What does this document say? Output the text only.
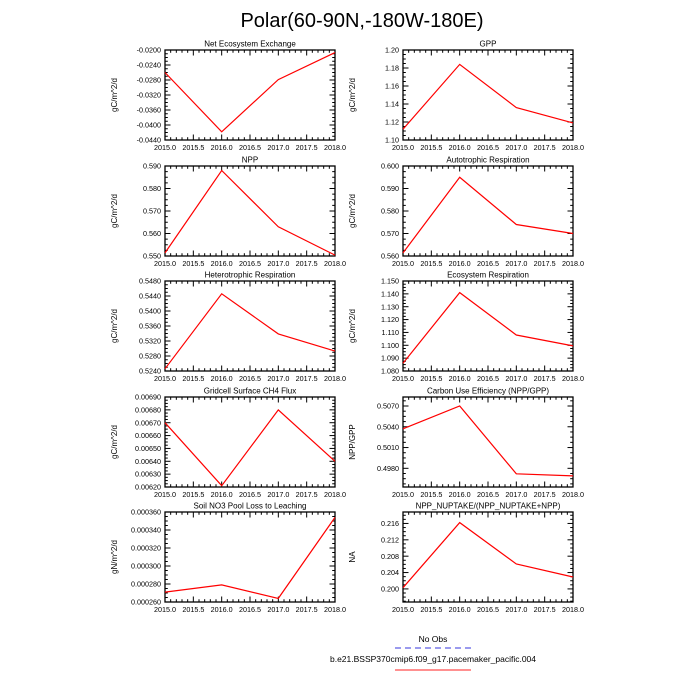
Polar(60-90N,-180W-180E)
Net Ecosystem Exchange
gC/m^2/d
-0.0440
-0.0400
-0.0360
-0.0320
-0.0280
-0.0240
-0.0200
2015.0 2015.5 2016.0 2016.5 2017.0 2017.5 2018.0
GPP
gC/m^2/d
1.10
1.12
1.14
1.16
1.18
1.20
2015.0 2015.5 2016.0 2016.5 2017.0 2017.5 2018.0
NPP
gC/m^2/d
0.550
0.560
0.570
0.580
0.590
2015.0 2015.5 2016.0 2016.5 2017.0 2017.5 2018.0
Autotrophic Respiration
gC/m^2/d
0.560
0.570
0.580
0.590
0.600
2015.0 2015.5 2016.0 2016.5 2017.0 2017.5 2018.0
Heterotrophic Respiration
gC/m^2/d
0.5240
0.5280
0.5320
0.5360
0.5400
0.5440
0.5480
2015.0 2015.5 2016.0 2016.5 2017.0 2017.5 2018.0
Ecosystem Respiration
gC/m^2/d
1.080
1.090
1.100
1.110
1.120
1.130
1.140
1.150
2015.0 2015.5 2016.0 2016.5 2017.0 2017.5 2018.0
Gridcell Surface CH4 Flux
gC/m^2/d
0.00620
0.00630
0.00640
0.00650
0.00660
0.00670
0.00680
0.00690
2015.0 2015.5 2016.0 2016.5 2017.0 2017.5 2018.0
Carbon Use Efficiency (NPP/GPP)
NPP/GPP
0.4980
0.5010
0.5040
0.5070
2015.0 2015.5 2016.0 2016.5 2017.0 2017.5 2018.0
Soil NO3 Pool Loss to Leaching
gN/m^2/d
0.000260
0.000280
0.000300
0.000320
0.000340
0.000360
2015.0 2015.5 2016.0 2016.5 2017.0 2017.5 2018.0
NPP_NUPTAKE/(NPP_NUPTAKE+NPP)
NA
0.200
0.204
0.208
0.212
0.216
2015.0 2015.5 2016.0 2016.5 2017.0 2017.5 2018.0
No Obs
b.e21.BSSP370cmip6.f09_g17.pacemaker_pacific.004
